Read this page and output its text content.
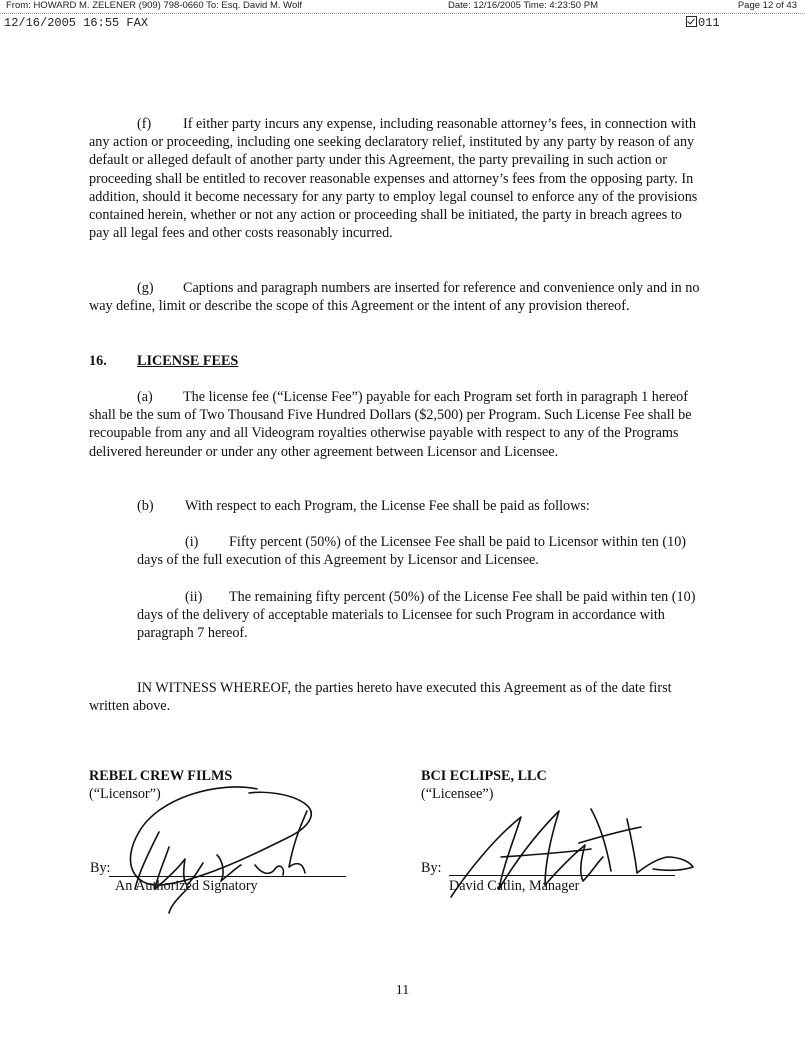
From: HOWARD M. ZELENER (909) 798-0660 To: Esq. David M. Wolf	Date: 12/16/2005 Time: 4:23:50 PM	Page 12 of 43
12/16/2005 16:55 FAX	011

(f) If either party incurs any expense, including reasonable attorney’s fees, in connection with any action or proceeding, including one seeking declaratory relief, instituted by any party by reason of any default or alleged default of another party under this Agreement, the party prevailing in such action or proceeding shall be entitled to recover reasonable expenses and attorney’s fees from the opposing party. In addition, should it become necessary for any party to employ legal counsel to enforce any of the provisions contained herein, whether or not any action or proceeding shall be initiated, the party in breach agrees to pay all legal fees and other costs reasonably incurred.

(g) Captions and paragraph numbers are inserted for reference and convenience only and in no way define, limit or describe the scope of this Agreement or the intent of any provision thereof.

16. LICENSE FEES

(a) The license fee (“License Fee”) payable for each Program set forth in paragraph 1 hereof shall be the sum of Two Thousand Five Hundred Dollars ($2,500) per Program. Such License Fee shall be recoupable from any and all Videogram royalties otherwise payable with respect to any of the Programs delivered hereunder or under any other agreement between Licensor and Licensee.

(b) With respect to each Program, the License Fee shall be paid as follows:

(i) Fifty percent (50%) of the Licensee Fee shall be paid to Licensor within ten (10) days of the full execution of this Agreement by Licensor and Licensee.

(ii) The remaining fifty percent (50%) of the License Fee shall be paid within ten (10) days of the delivery of acceptable materials to Licensee for such Program in accordance with paragraph 7 hereof.

IN WITNESS WHEREOF, the parties hereto have executed this Agreement as of the date first written above.

REBEL CREW FILMS
(“Licensor”)
By:
An Authorized Signatory
BCI ECLIPSE, LLC
(“Licensee”)
By:
David Catlin, Manager
11
